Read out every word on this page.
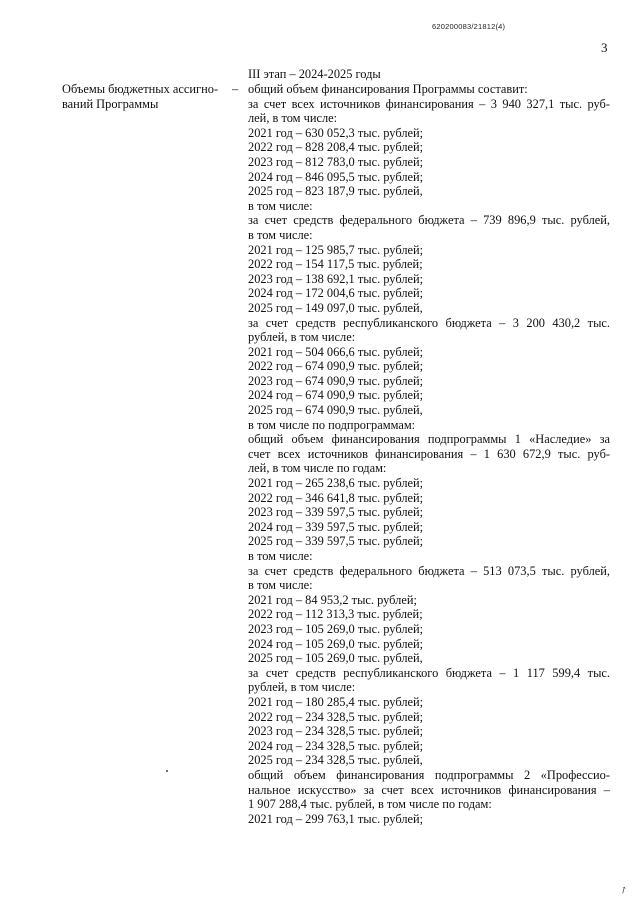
620200083/21812(4)
3
III этап – 2024-2025 годы
Объемы бюджетных ассигно-ваний Программы
– общий объем финансирования Программы составит:
за счет всех источников финансирования – 3 940 327,1 тыс. руб-
лей, в том числе:
2021 год – 630 052,3 тыс. рублей;
2022 год – 828 208,4 тыс. рублей;
2023 год – 812 783,0 тыс. рублей;
2024 год – 846 095,5 тыс. рублей;
2025 год – 823 187,9 тыс. рублей,
в том числе:
за счет средств федерального бюджета – 739 896,9 тыс. рублей,
в том числе:
2021 год – 125 985,7 тыс. рублей;
2022 год – 154 117,5 тыс. рублей;
2023 год – 138 692,1 тыс. рублей;
2024 год – 172 004,6 тыс. рублей;
2025 год – 149 097,0 тыс. рублей,
за счет средств республиканского бюджета – 3 200 430,2 тыс.
рублей, в том числе:
2021 год – 504 066,6 тыс. рублей;
2022 год – 674 090,9 тыс. рублей;
2023 год – 674 090,9 тыс. рублей;
2024 год – 674 090,9 тыс. рублей;
2025 год – 674 090,9 тыс. рублей,
в том числе по подпрограммам:
общий объем финансирования подпрограммы 1 «Наследие» за
счет всех источников финансирования – 1 630 672,9 тыс. руб-
лей, в том числе по годам:
2021 год – 265 238,6 тыс. рублей;
2022 год – 346 641,8 тыс. рублей;
2023 год – 339 597,5 тыс. рублей;
2024 год – 339 597,5 тыс. рублей;
2025 год – 339 597,5 тыс. рублей;
в том числе:
за счет средств федерального бюджета – 513 073,5 тыс. рублей,
в том числе:
2021 год – 84 953,2 тыс. рублей;
2022 год – 112 313,3 тыс. рублей;
2023 год – 105 269,0 тыс. рублей;
2024 год – 105 269,0 тыс. рублей;
2025 год – 105 269,0 тыс. рублей,
за счет средств республиканского бюджета – 1 117 599,4 тыс.
рублей, в том числе:
2021 год – 180 285,4 тыс. рублей;
2022 год – 234 328,5 тыс. рублей;
2023 год – 234 328,5 тыс. рублей;
2024 год – 234 328,5 тыс. рублей;
2025 год – 234 328,5 тыс. рублей,
общий объем финансирования подпрограммы 2 «Профессио-
нальное искусство» за счет всех источников финансирования –
1 907 288,4 тыс. рублей, в том числе по годам:
2021 год – 299 763,1 тыс. рублей;
↗
